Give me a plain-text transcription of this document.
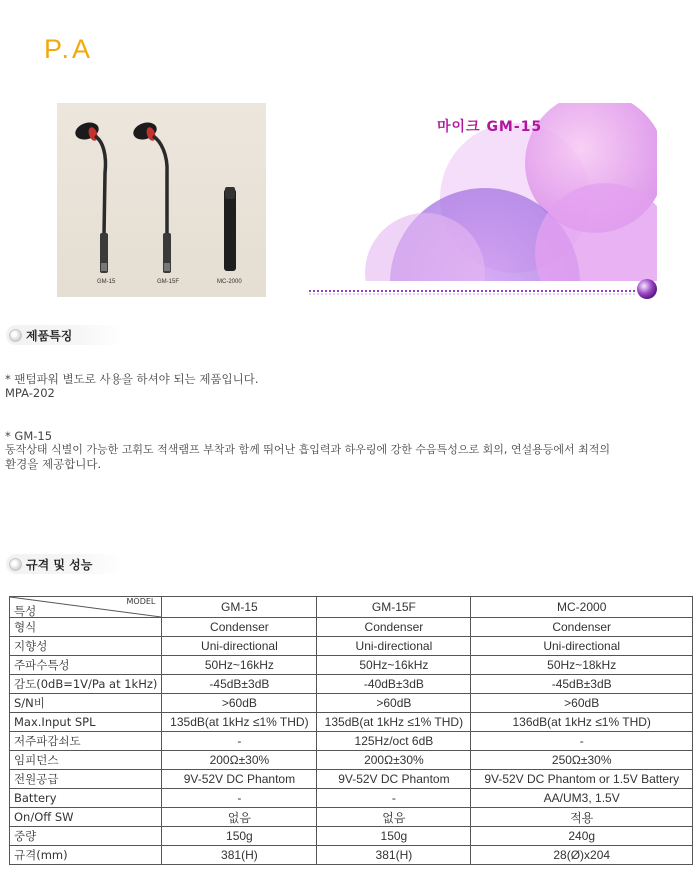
P.A
GM-15	GM-15F	MC-2000
마이크 GM-15
제품특징
* 팬텀파워 별도로 사용을 하셔야 되는 제품입니다.
MPA-202
* GM-15
동작상태 식별이 가능한 고휘도 적색램프 부착과 함께 뛰어난 흡입력과 하우링에 강한 수음특성으로 회의, 연설용등에서 최적의
환경을 제공합니다.
규격 및 성능
MODEL
특성	GM-15	GM-15F	MC-2000
형식	Condenser	Condenser	Condenser
지향성	Uni-directional	Uni-directional	Uni-directional
주파수특성	50Hz~16kHz	50Hz~16kHz	50Hz~18kHz
감도(0dB=1V/Pa at 1kHz)	-45dB±3dB	-40dB±3dB	-45dB±3dB
S/N비	>60dB	>60dB	>60dB
Max.Input SPL	135dB(at 1kHz ≤1% THD)	135dB(at 1kHz ≤1% THD)	136dB(at 1kHz ≤1% THD)
저주파감쇠도	-	125Hz/oct 6dB	-
임피던스	200Ω±30%	200Ω±30%	250Ω±30%
전원공급	9V-52V DC Phantom	9V-52V DC Phantom	9V-52V DC Phantom or 1.5V Battery
Battery	-	-	AA/UM3, 1.5V
On/Off SW	없음	없음	적용
중량	150g	150g	240g
규격(mm)	381(H)	381(H)	28(Ø)x204
